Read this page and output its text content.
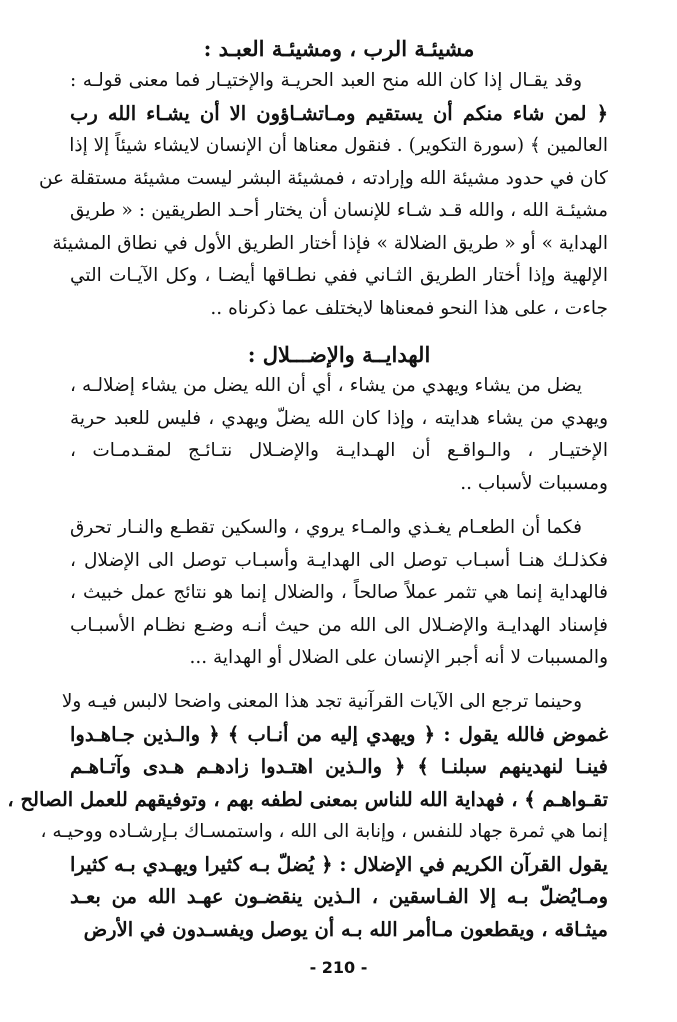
مشيئـة الرب ، ومشيئـة العبـد :
وقد يقـال إذا كان الله منح العبد الحريـة والإختيـار فما معنى قولـه :
﴿ لمن شاء منكم أن يستقيم ومـاتشـاؤون الا أن يشـاء الله رب
العالمين ﴾ (سورة التكوير) . فنقول معناها أن الإنسان لايشاء شيئاً إلا إذا
كان في حدود مشيئة الله وإرادته ، فمشيئة البشر ليست مشيئة مستقلة عن
مشيئـة الله ، والله قـد شـاء للإنسان أن يختار أحـد الطريقين : « طريق
الهداية » أو « طريق الضلالة » فإذا أختار الطريق الأول في نطاق المشيئة
الإلهية وإذا أختار الطريق الثـاني ففي نطـاقها أيضـا ، وكل الآيـات التي
جاءت ، على هذا النحو فمعناها لايختلف عما ذكرناه ..
الهدايــة والإضـــلال :
يضل من يشاء ويهدي من يشاء ، أي أن الله يضل من يشاء إضلالـه ،
ويهدي من يشاء هدايته ، وإذا كان الله يضلّ ويهدي ، فليس للعبد حرية
الإختيـار ، والـواقـع أن الهـدايـة والإضـلال نتـائـج لمقـدمـات ،
ومسببات لأسباب ..
فكما أن الطعـام يغـذي والمـاء يروي ، والسكين تقطـع والنـار تحرق
فكذلـك هنـا أسبـاب توصل الى الهدايـة وأسبـاب توصل الى الإضلال ،
فالهداية إنما هي تثمر عملاً صالحاً ، والضلال إنما هو نتائج عمل خبيث ،
فإسناد الهدايـة والإضـلال الى الله من حيث أنـه وضـع نظـام الأسبـاب
والمسببات لا أنه أجبر الإنسان على الضلال أو الهداية ...
وحينما ترجع الى الآيات القرآنية تجد هذا المعنى واضحا لالبس فيـه ولا
غموض فالله يقول : ﴿ ويهدي إليه من أنـاب ﴾ ﴿ والـذين جـاهـدوا
فينـا لنهدينهم سبلنـا ﴾ ﴿ والـذين اهتـدوا زادهـم هـدى وآتـاهـم
تقـواهـم ﴾ ، فهداية الله للناس بمعنى لطفه بهم ، وتوفيقهم للعمل الصالح ،
إنما هي ثمرة جهاد للنفس ، وإنابة الى الله ، واستمسـاك بـإرشـاده ووحيـه ،
يقول القرآن الكريم في الإضلال : ﴿ يُضلّ بـه كثيرا ويهـدي بـه كثيرا
ومـايُضلّ بـه إلا الفـاسقين ، الـذين ينقضـون عهـد الله من بعـد
ميثـاقه ، ويقطعون مـاأمر الله بـه أن يوصل ويفسـدون في الأرض
- 210 -
